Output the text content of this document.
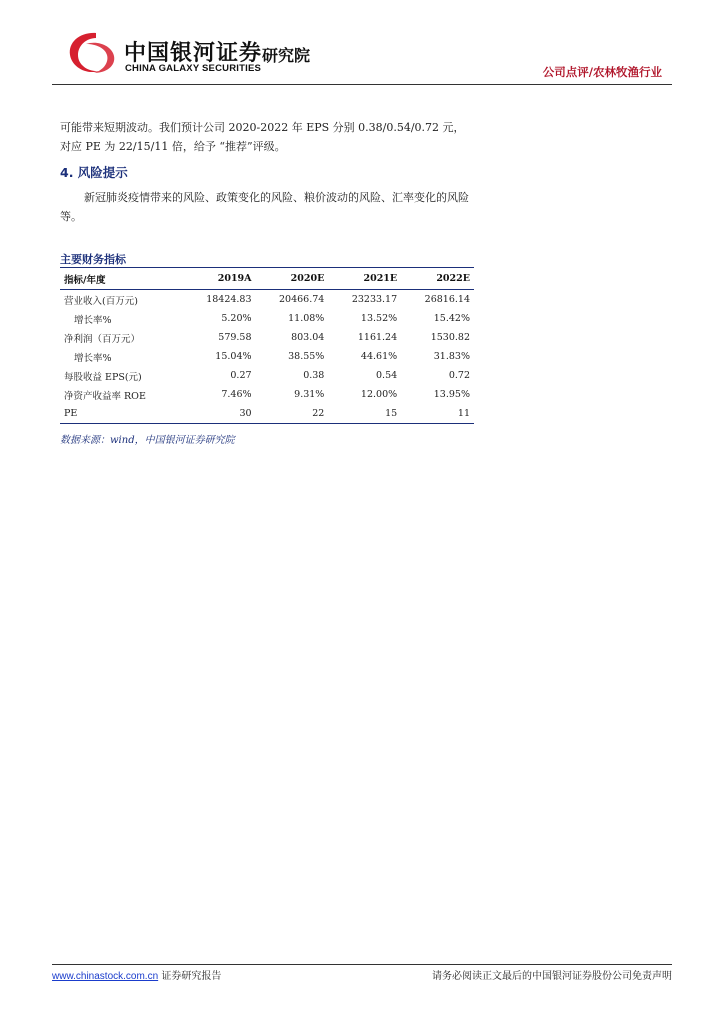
中国银河证券 研究院
CHINA GALAXY SECURITIES	公司点评/农林牧渔行业

可能带来短期波动。我们预计公司 2020-2022 年 EPS 分别 0.38/0.54/0.72 元，对应 PE 为 22/15/11 倍，给予 “推荐”评级。

4. 风险提示

新冠肺炎疫情带来的风险、政策变化的风险、粮价波动的风险、汇率变化的风险等。

主要财务指标
指标/年度	2019A	2020E	2021E	2022E
营业收入(百万元)	18424.83	20466.74	23233.17	26816.14
增长率%	5.20%	11.08%	13.52%	15.42%
净利润（百万元）	579.58	803.04	1161.24	1530.82
增长率%	15.04%	38.55%	44.61%	31.83%
每股收益 EPS(元)	0.27	0.38	0.54	0.72
净资产收益率 ROE	7.46%	9.31%	12.00%	13.95%
PE	30	22	15	11
数据来源：wind，中国银河证券研究院
www.chinastock.com.cn 证券研究报告	请务必阅读正文最后的中国银河证券股份公司免责声明
